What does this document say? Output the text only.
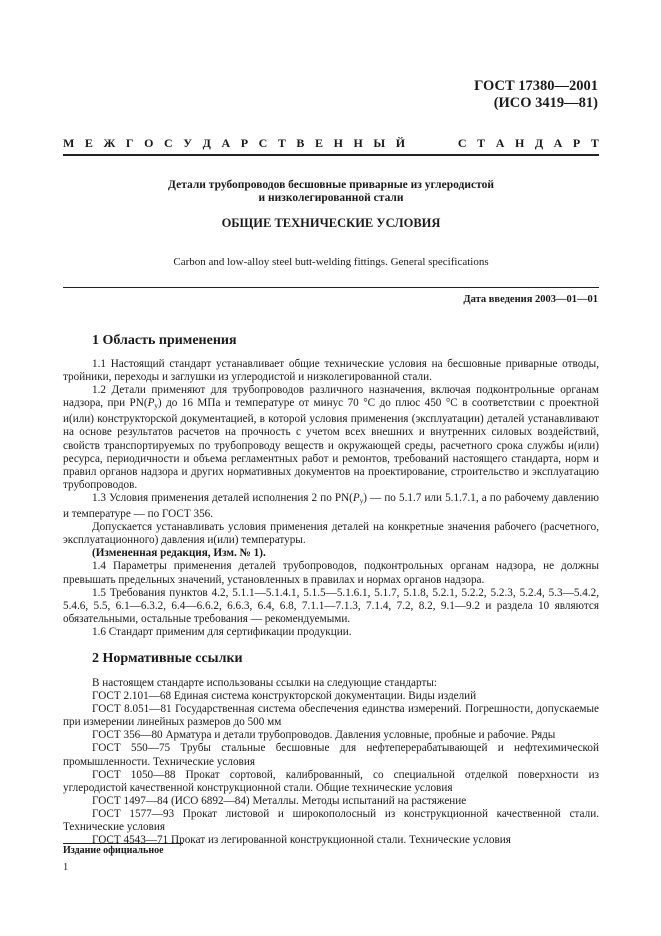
ГОСТ 17380—2001
(ИСО 3419—81)
М Е Ж Г О С У Д А Р С Т В Е Н Н Ы Й	С Т А Н Д А Р Т
Детали трубопроводов бесшовные приварные из углеродистой
и низколегированной стали
ОБЩИЕ ТЕХНИЧЕСКИЕ УСЛОВИЯ
Carbon and low-alloy steel butt-welding fittings. General specifications
Дата введения 2003—01—01
1 Область применения

1.1 Настоящий стандарт устанавливает общие технические условия на бесшовные приварные отводы, тройники, переходы и заглушки из углеродистой и низколегированной стали.

1.2 Детали применяют для трубопроводов различного назначения, включая подконтрольные органам надзора, при $PN(P_y)$ до 16 МПа и температуре от минус 70 °С до плюс 450 °С в соответствии с проектной и(или) конструкторской документацией, в которой условия применения (эксплуатации) деталей устанавливают на основе результатов расчетов на прочность с учетом всех внешних и внутренних силовых воздействий, свойств транспортируемых по трубопроводу веществ и окружающей среды, расчетного срока службы и(или) ресурса, периодичности и объема регламентных работ и ремонтов, требований настоящего стандарта, норм и правил органов надзора и других нормативных документов на проектирование, строительство и эксплуатацию трубопроводов.

1.3 Условия применения деталей исполнения 2 по $PN(P_y)$ — по 5.1.7 или 5.1.7.1, а по рабочему давлению и температуре — по ГОСТ 356.

Допускается устанавливать условия применения деталей на конкретные значения рабочего (расчетного, эксплуатационного) давления и(или) температуры.

(Измененная редакция, Изм. № 1).

1.4 Параметры применения деталей трубопроводов, подконтрольных органам надзора, не должны превышать предельных значений, установленных в правилах и нормах органов надзора.

1.5 Требования пунктов 4.2, 5.1.1—5.1.4.1, 5.1.5—5.1.6.1, 5.1.7, 5.1.8, 5.2.1, 5.2.2, 5.2.3, 5.2.4, 5.3—5.4.2, 5.4.6, 5.5, 6.1—6.3.2, 6.4—6.6.2, 6.6.3, 6.4, 6.8, 7.1.1—7.1.3, 7.1.4, 7.2, 8.2, 9.1—9.2 и раздела 10 являются обязательными, остальные требования — рекомендуемыми.

1.6 Стандарт применим для сертификации продукции.

2 Нормативные ссылки

В настоящем стандарте использованы ссылки на следующие стандарты:

ГОСТ 2.101—68 Единая система конструкторской документации. Виды изделий

ГОСТ 8.051—81 Государственная система обеспечения единства измерений. Погрешности, допускаемые при измерении линейных размеров до 500 мм

ГОСТ 356—80 Арматура и детали трубопроводов. Давления условные, пробные и рабочие. Ряды

ГОСТ 550—75 Трубы стальные бесшовные для нефтеперерабатывающей и нефтехимической промышленности. Технические условия

ГОСТ 1050—88 Прокат сортовой, калиброванный, со специальной отделкой поверхности из углеродистой качественной конструкционной стали. Общие технические условия

ГОСТ 1497—84 (ИСО 6892—84) Металлы. Методы испытаний на растяжение

ГОСТ 1577—93 Прокат листовой и широкополосный из конструкционной качественной стали. Технические условия

ГОСТ 4543—71 Прокат из легированной конструкционной стали. Технические условия

Издание официальное
1
